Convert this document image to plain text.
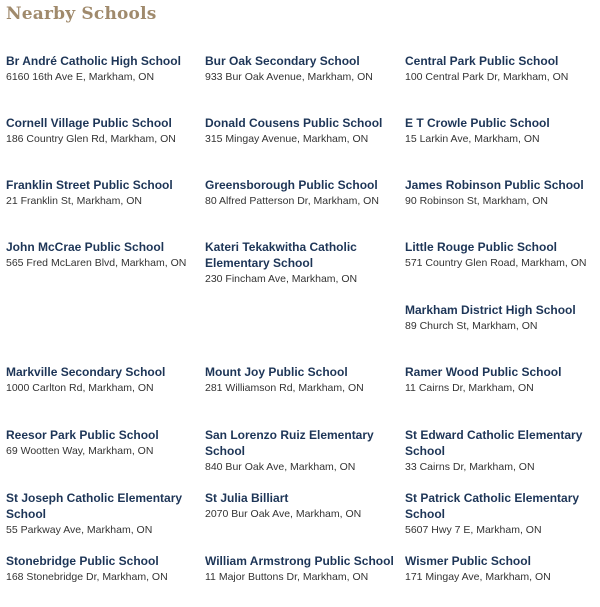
Nearby Schools
Br André Catholic High School
6160 16th Ave E, Markham, ON
Bur Oak Secondary School
933 Bur Oak Avenue, Markham, ON
Central Park Public School
100 Central Park Dr, Markham, ON
Cornell Village Public School
186 Country Glen Rd, Markham, ON
Donald Cousens Public School
315 Mingay Avenue, Markham, ON
E T Crowle Public School
15 Larkin Ave, Markham, ON
Franklin Street Public School
21 Franklin St, Markham, ON
Greensborough Public School
80 Alfred Patterson Dr, Markham, ON
James Robinson Public School
90 Robinson St, Markham, ON
John McCrae Public School
565 Fred McLaren Blvd, Markham, ON
Kateri Tekakwitha Catholic Elementary School
230 Fincham Ave, Markham, ON
Little Rouge Public School
571 Country Glen Road, Markham, ON
Markham District High School
89 Church St, Markham, ON
Markville Secondary School
1000 Carlton Rd, Markham, ON
Mount Joy Public School
281 Williamson Rd, Markham, ON
Ramer Wood Public School
11 Cairns Dr, Markham, ON
Reesor Park Public School
69 Wootten Way, Markham, ON
San Lorenzo Ruiz Elementary School
840 Bur Oak Ave, Markham, ON
St Edward Catholic Elementary School
33 Cairns Dr, Markham, ON
St Joseph Catholic Elementary School
55 Parkway Ave, Markham, ON
St Julia Billiart
2070 Bur Oak Ave, Markham, ON
St Patrick Catholic Elementary School
5607 Hwy 7 E, Markham, ON
Stonebridge Public School
168 Stonebridge Dr, Markham, ON
William Armstrong Public School
11 Major Buttons Dr, Markham, ON
Wismer Public School
171 Mingay Ave, Markham, ON
